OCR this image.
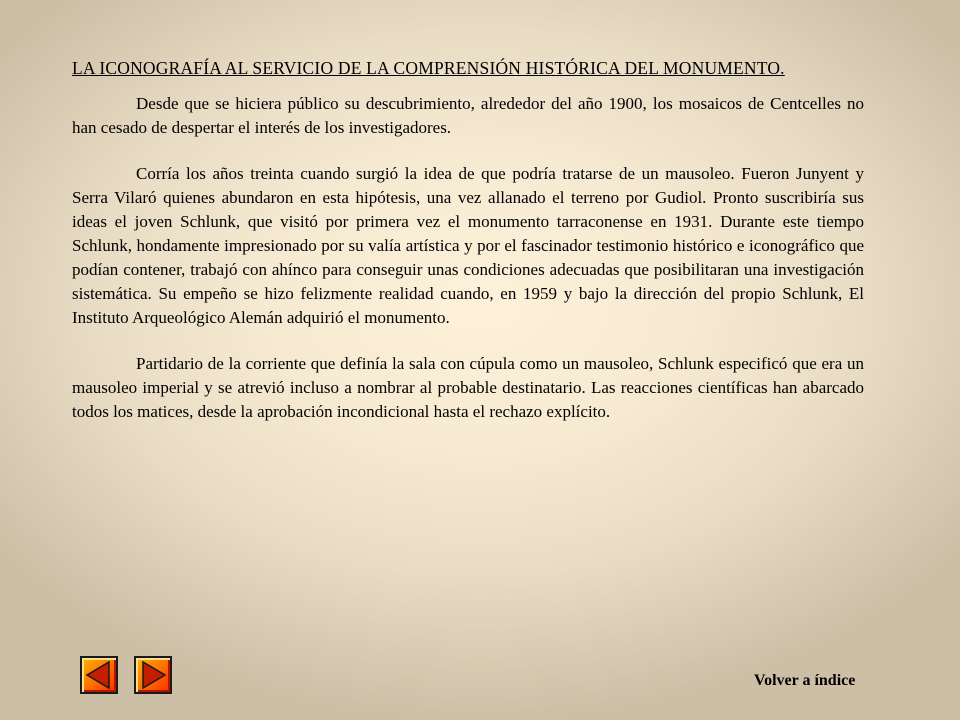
LA ICONOGRAFÍA AL SERVICIO DE LA COMPRENSIÓN HISTÓRICA DEL MONUMENTO.

Desde que se hiciera público su descubrimiento, alrededor del año 1900, los mosaicos de Centcelles no han cesado de despertar el interés de los investigadores.

Corría los años treinta cuando surgió la idea de que podría tratarse de un mausoleo. Fueron Junyent y Serra Vilaró quienes abundaron en esta hipótesis, una vez allanado el terreno por Gudiol. Pronto suscribiría sus ideas el joven Schlunk, que visitó por primera vez el monumento tarraconense en 1931. Durante este tiempo Schlunk, hondamente impresionado por su valía artística y por el fascinador testimonio histórico e iconográfico que podían contener, trabajó con ahínco para conseguir unas condiciones adecuadas que posibilitaran una investigación sistemática. Su empeño se hizo felizmente realidad cuando, en 1959 y bajo la dirección del propio Schlunk, El Instituto Arqueológico Alemán adquirió el monumento.

Partidario de la corriente que definía la sala con cúpula como un mausoleo, Schlunk especificó que era un mausoleo imperial y se atrevió incluso a nombrar al probable destinatario. Las reacciones científicas han abarcado todos los matices, desde la aprobación incondicional hasta el rechazo explícito.

Volver a índice
